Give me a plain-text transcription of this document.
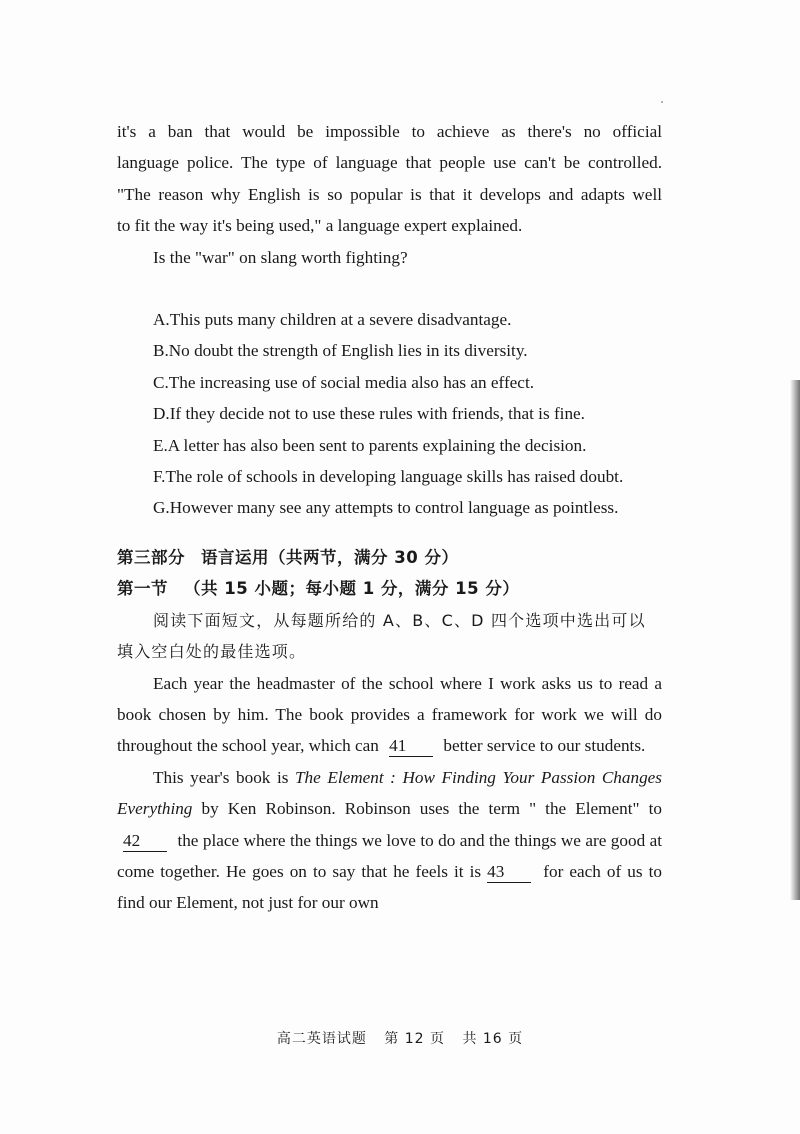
it's a ban that would be impossible to achieve as there's no official

language police. The type of language that people use can't be controlled.

"The reason why English is so popular is that it develops and adapts well

to fit the way it's being used," a language expert explained.

Is the "war" on slang worth fighting?

A.This puts many children at a severe disadvantage.

B.No doubt the strength of English lies in its diversity.

C.The increasing use of social media also has an effect.

D.If they decide not to use these rules with friends, that is fine.

E.A letter has also been sent to parents explaining the decision.

F.The role of schools in developing language skills has raised doubt.

G.However many see any attempts to control language as pointless.

第三部分 语言运用（共两节，满分 30 分）

第一节 （共 15 小题；每小题 1 分，满分 15 分）

阅读下面短文，从每题所给的 A、B、C、D 四个选项中选出可以填入空白处的最佳选项。

Each year the headmaster of the school where I work asks us to read a book chosen by him. The book provides a framework for work we will do throughout the school year, which can 41 better service to our students.

This year's book is The Element : How Finding Your Passion Changes Everything by Ken Robinson. Robinson uses the term " the Element" to 42 the place where the things we love to do and the things we are good at come together. He goes on to say that he feels it is 43 for each of us to find our Element, not just for our own

高二英语试题 第 12 页 共 16 页
